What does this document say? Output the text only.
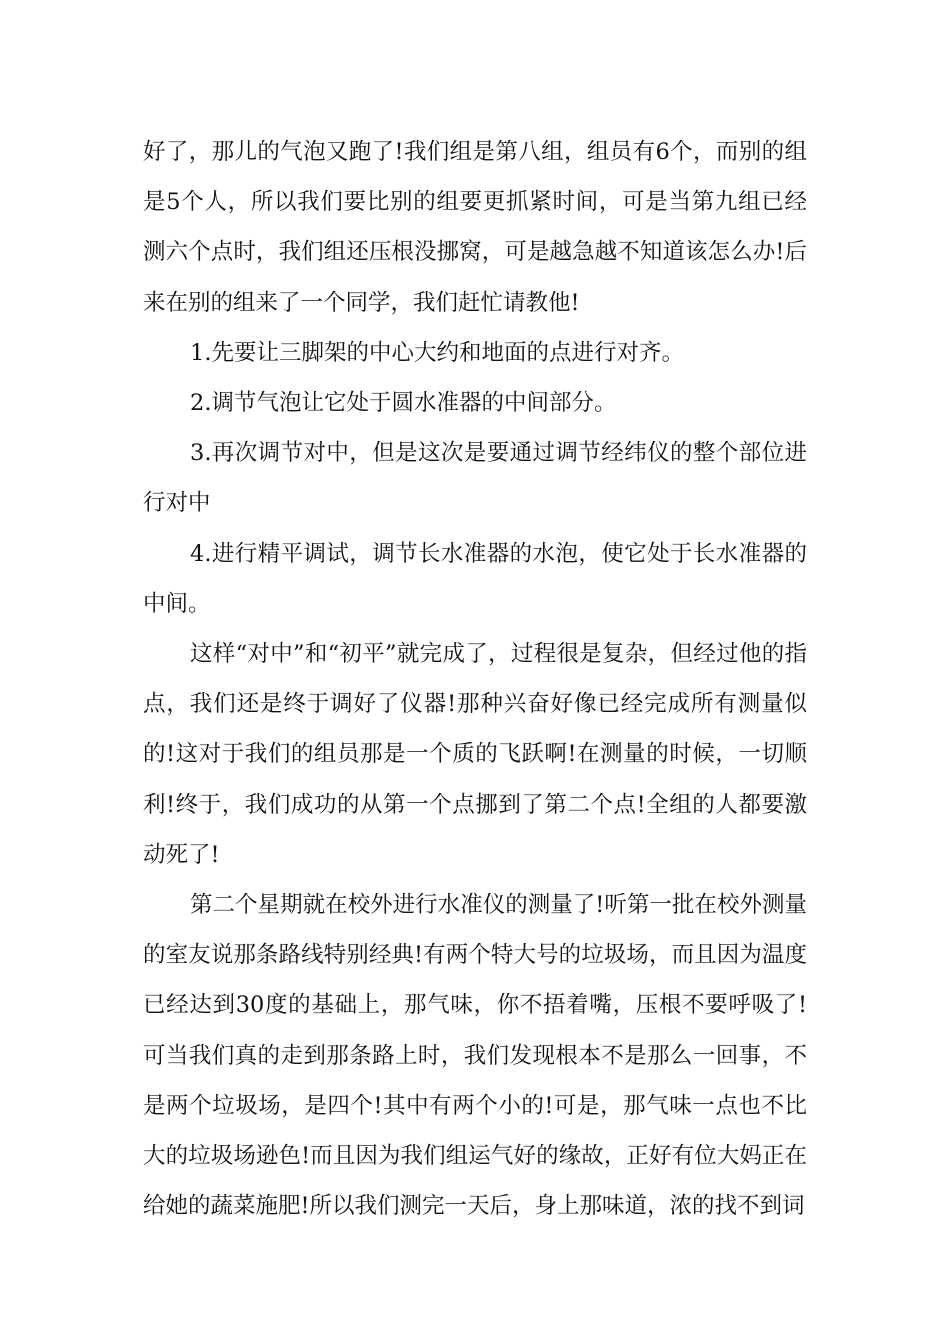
好了，那儿的气泡又跑了!我们组是第八组，组员有6个，而别的组是5个人，所以我们要比别的组要更抓紧时间，可是当第九组已经测六个点时，我们组还压根没挪窝，可是越急越不知道该怎么办!后来在别的组来了一个同学，我们赶忙请教他!

1.先要让三脚架的中心大约和地面的点进行对齐。

2.调节气泡让它处于圆水准器的中间部分。

3.再次调节对中，但是这次是要通过调节经纬仪的整个部位进行对中

4.进行精平调试，调节长水准器的水泡，使它处于长水准器的中间。

这样“对中”和“初平”就完成了，过程很是复杂，但经过他的指点，我们还是终于调好了仪器!那种兴奋好像已经完成所有测量似的!这对于我们的组员那是一个质的飞跃啊!在测量的时候，一切顺利!终于，我们成功的从第一个点挪到了第二个点!全组的人都要激动死了!

第二个星期就在校外进行水准仪的测量了!听第一批在校外测量的室友说那条路线特别经典!有两个特大号的垃圾场，而且因为温度已经达到30度的基础上，那气味，你不捂着嘴，压根不要呼吸了!可当我们真的走到那条路上时，我们发现根本不是那么一回事，不是两个垃圾场，是四个!其中有两个小的!可是，那气味一点也不比大的垃圾场逊色!而且因为我们组运气好的缘故，正好有位大妈正在给她的蔬菜施肥!所以我们测完一天后，身上那味道，浓的找不到词
